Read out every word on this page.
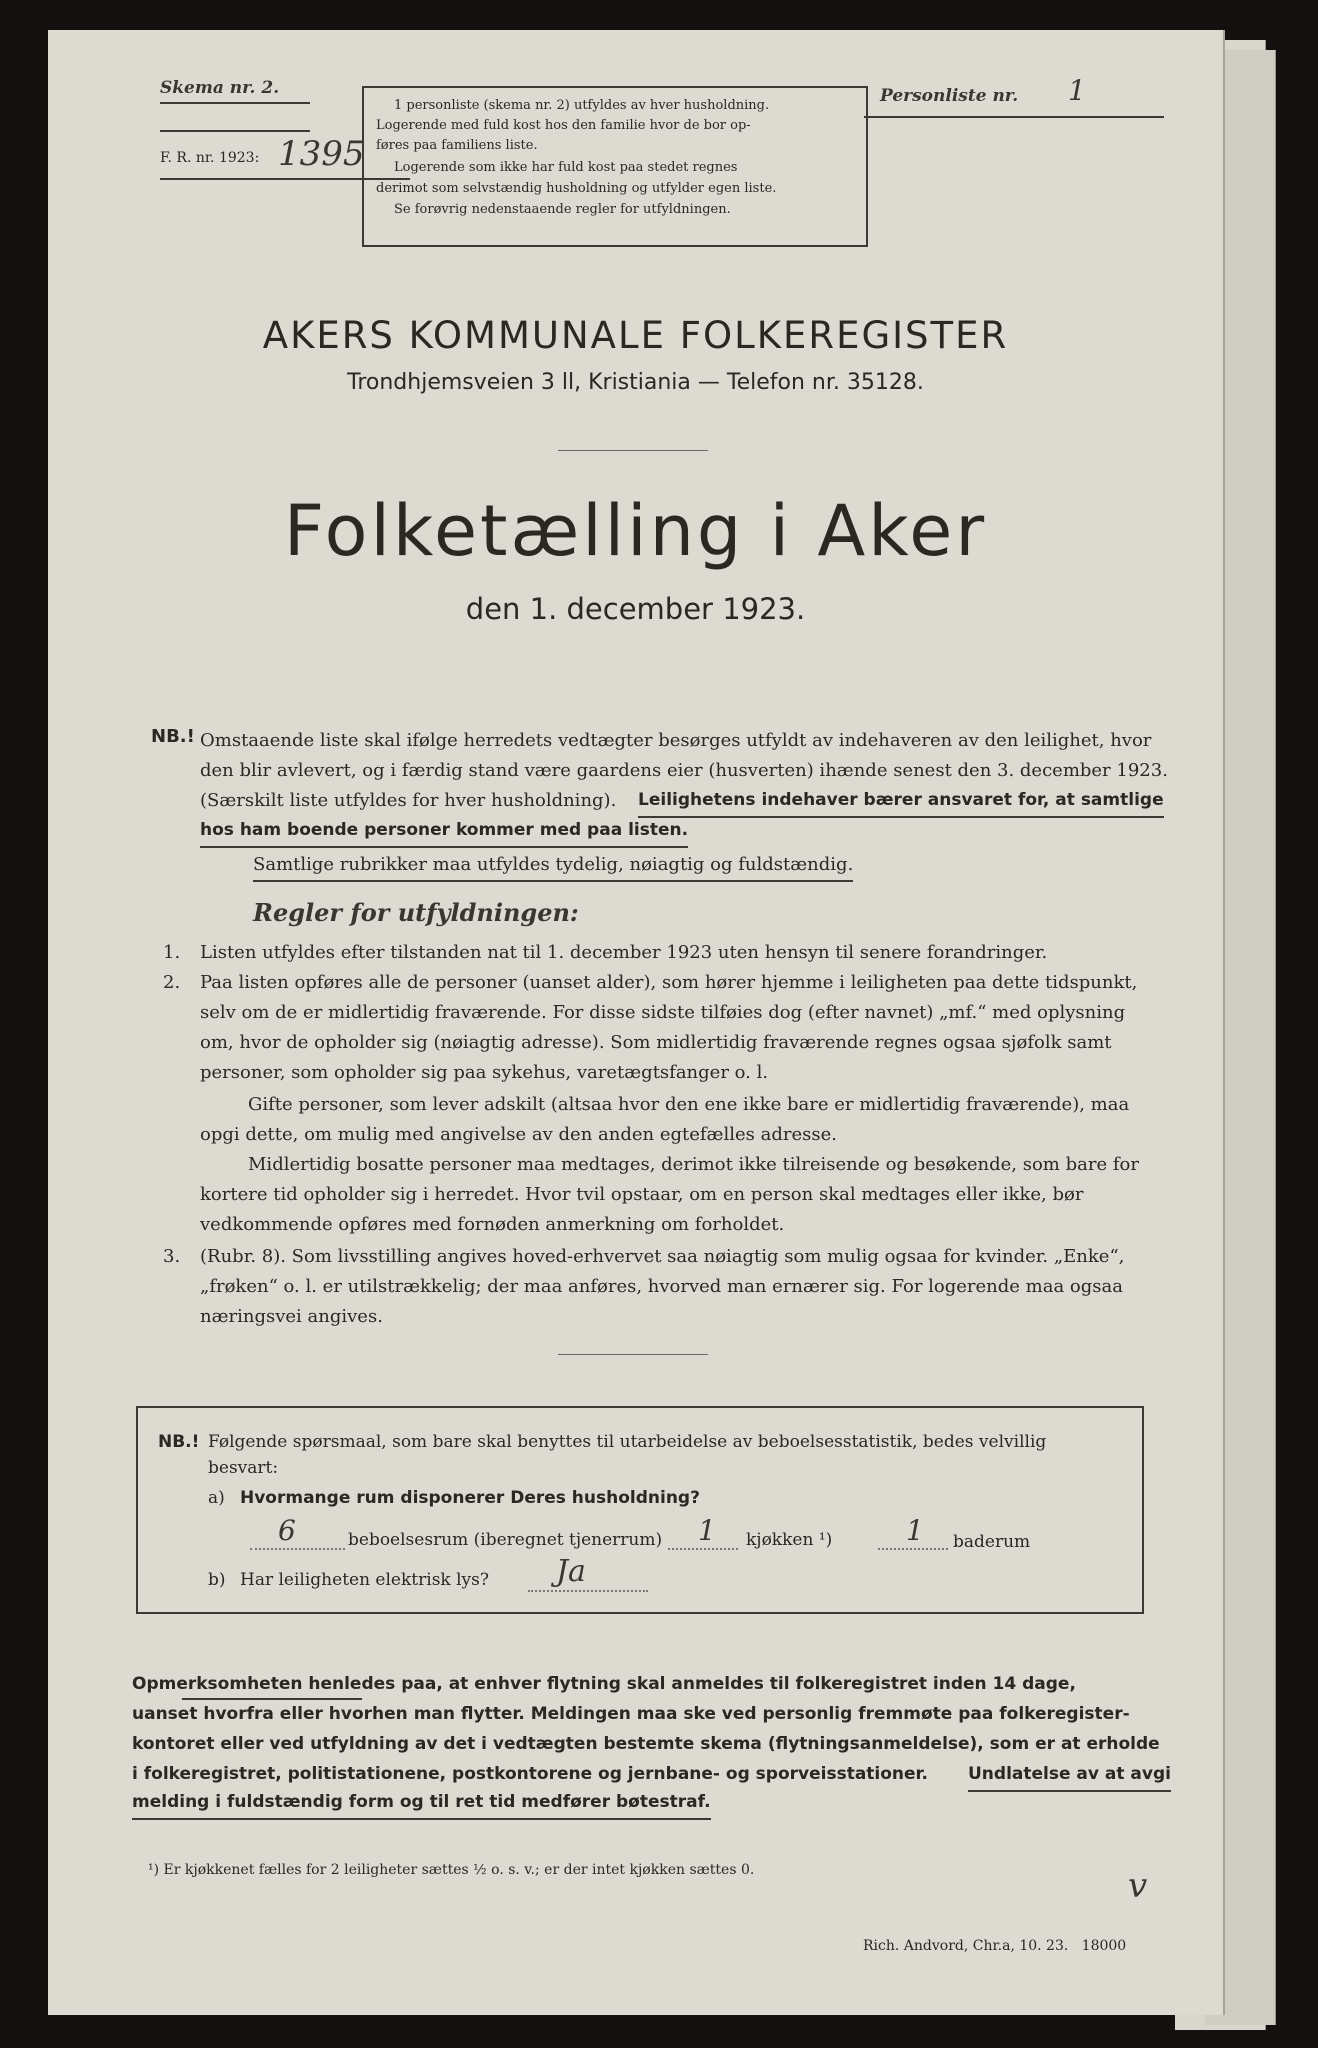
Skema nr. 2.
F. R. nr. 1923: 1395
1 personliste (skema nr. 2) utfyldes av hver husholdning.
Logerende med fuld kost hos den familie hvor de bor op-
føres paa familiens liste.
Logerende som ikke har fuld kost paa stedet regnes
derimot som selvstændig husholdning og utfylder egen liste.
Se forøvrig nedenstaaende regler for utfyldningen.
Personliste nr. 1
AKERS KOMMUNALE FOLKEREGISTER
Trondhjemsveien 3 ll, Kristiania — Telefon nr. 35128.
Folketælling i Aker
den 1. december 1923.
NB.! Omstaaende liste skal ifølge herredets vedtægter besørges utfyldt av indehaveren av den leilighet, hvor
den blir avlevert, og i færdig stand være gaardens eier (husverten) ihænde senest den 3. december 1923.
(Særskilt liste utfyldes for hver husholdning). Leilighetens indehaver bærer ansvaret for, at samtlige
hos ham boende personer kommer med paa listen.
Samtlige rubrikker maa utfyldes tydelig, nøiagtig og fuldstændig.
Regler for utfyldningen:
1. Listen utfyldes efter tilstanden nat til 1. december 1923 uten hensyn til senere forandringer.
2. Paa listen opføres alle de personer (uanset alder), som hører hjemme i leiligheten paa dette tidspunkt,
selv om de er midlertidig fraværende. For disse sidste tilføies dog (efter navnet) „mf.“ med oplysning
om, hvor de opholder sig (nøiagtig adresse). Som midlertidig fraværende regnes ogsaa sjøfolk samt
personer, som opholder sig paa sykehus, varetægtsfanger o. l.
Gifte personer, som lever adskilt (altsaa hvor den ene ikke bare er midlertidig fraværende), maa
opgi dette, om mulig med angivelse av den anden egtefælles adresse.
Midlertidig bosatte personer maa medtages, derimot ikke tilreisende og besøkende, som bare for
kortere tid opholder sig i herredet. Hvor tvil opstaar, om en person skal medtages eller ikke, bør
vedkommende opføres med fornøden anmerkning om forholdet.
3. (Rubr. 8). Som livsstilling angives hoved-erhvervet saa nøiagtig som mulig ogsaa for kvinder. „Enke“,
„frøken“ o. l. er utilstrækkelig; der maa anføres, hvorved man ernærer sig. For logerende maa ogsaa
næringsvei angives.
NB.! Følgende spørsmaal, som bare skal benyttes til utarbeidelse av beboelsesstatistik, bedes velvillig
besvart:
a) Hvormange rum disponerer Deres husholdning?
6	beboelsesrum (iberegnet tjenerrum) 1 kjøkken ¹)	1 baderum
b) Har leiligheten elektrisk lys? Ja
Opmerksomheten henledes paa, at enhver flytning skal anmeldes til folkeregistret inden 14 dage,
uanset hvorfra eller hvorhen man flytter. Meldingen maa ske ved personlig fremmøte paa folkeregister-
kontoret eller ved utfyldning av det i vedtægten bestemte skema (flytningsanmeldelse), som er at erholde
i folkeregistret, politistationene, postkontorene og jernbane- og sporveisstationer. Undlatelse av at avgi
melding i fuldstændig form og til ret tid medfører bøtestraf.
¹) Er kjøkkenet fælles for 2 leiligheter sættes ½ o. s. v.; er der intet kjøkken sættes 0.	v
Rich. Andvord, Chr.a, 10. 23.   18000
